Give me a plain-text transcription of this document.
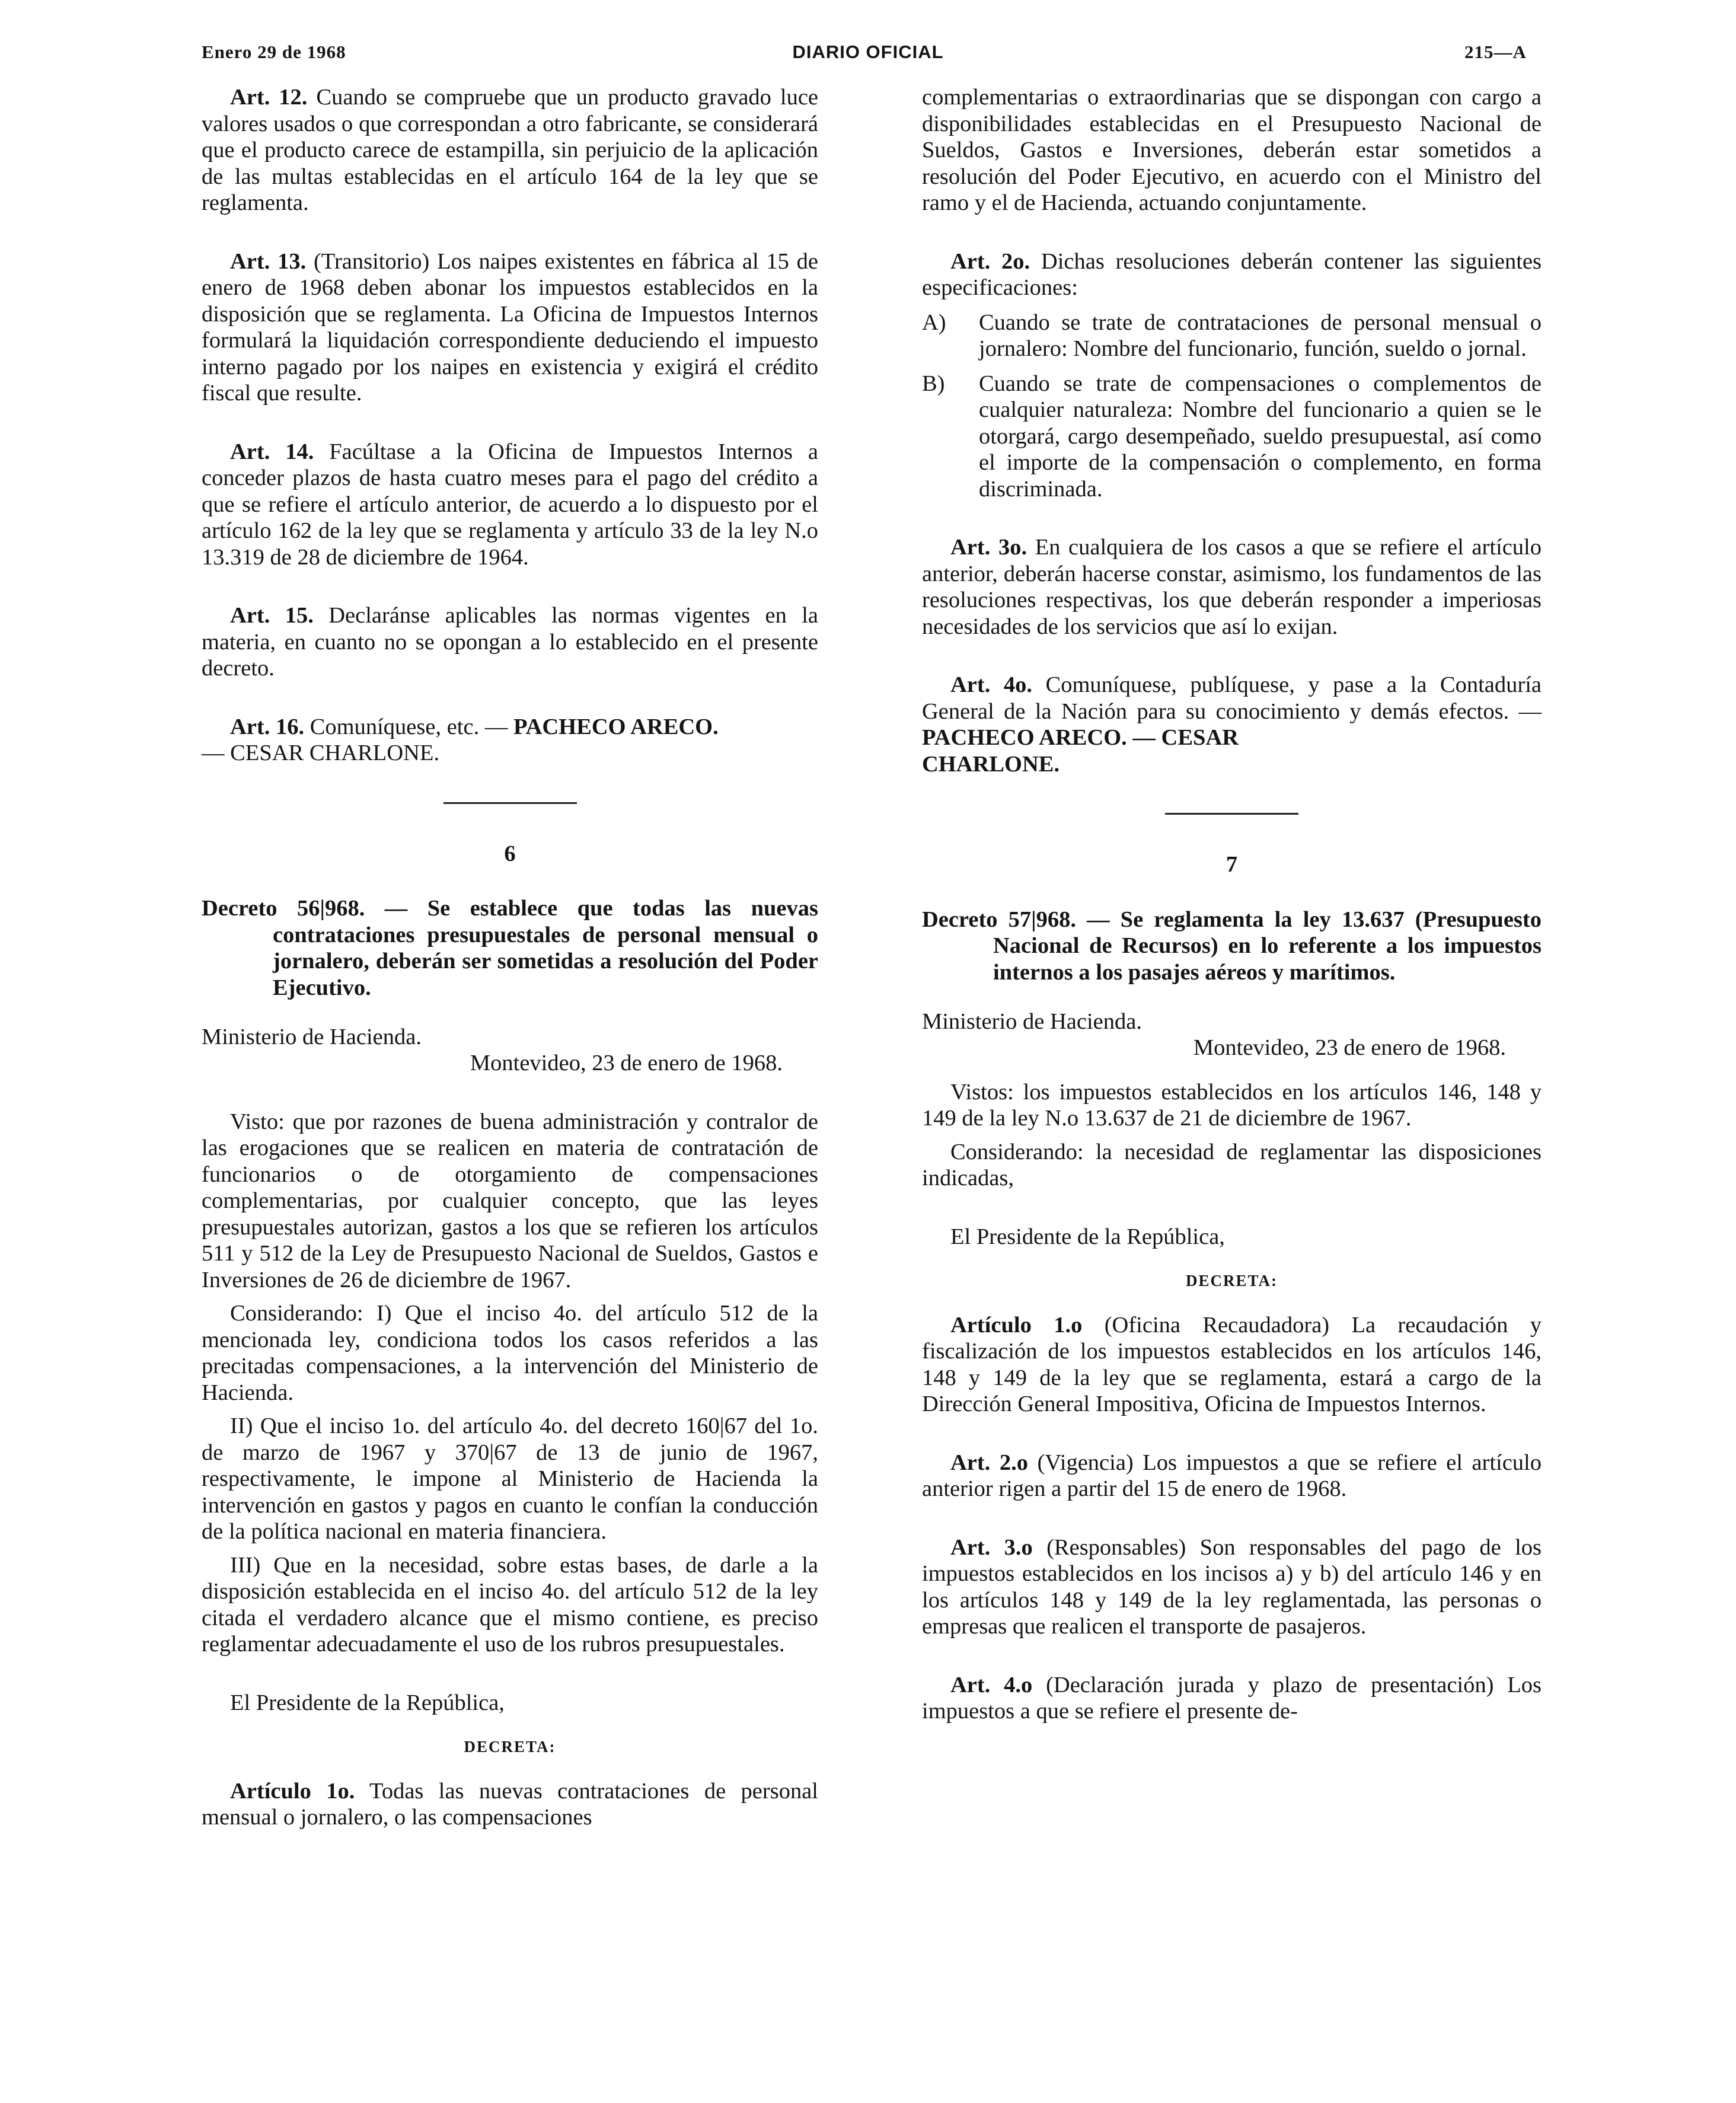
Enero 29 de 1968	DIARIO OFICIAL	215—A

Art. 12. Cuando se compruebe que un producto gravado luce valores usados o que correspondan a otro fabricante, se considerará que el producto carece de estampilla, sin perjuicio de la aplicación de las multas establecidas en el artículo 164 de la ley que se reglamenta.

Art. 13. (Transitorio) Los naipes existentes en fábrica al 15 de enero de 1968 deben abonar los impuestos establecidos en la disposición que se reglamenta. La Oficina de Impuestos Internos formulará la liquidación correspondiente deduciendo el impuesto interno pagado por los naipes en existencia y exigirá el crédito fiscal que resulte.

Art. 14. Facúltase a la Oficina de Impuestos Internos a conceder plazos de hasta cuatro meses para el pago del crédito a que se refiere el artículo anterior, de acuerdo a lo dispuesto por el artículo 162 de la ley que se reglamenta y artículo 33 de la ley N.o 13.319 de 28 de diciembre de 1964.

Art. 15. Declaránse aplicables las normas vigentes en la materia, en cuanto no se opongan a lo establecido en el presente decreto.

Art. 16. Comuníquese, etc. — PACHECO ARECO.
— CESAR CHARLONE.

6

Decreto 56|968. — Se establece que todas las nuevas contrataciones presupuestales de personal mensual o jornalero, deberán ser sometidas a resolución del Poder Ejecutivo.

Ministerio de Hacienda.

Montevideo, 23 de enero de 1968.

Visto: que por razones de buena administración y contralor de las erogaciones que se realicen en materia de contratación de funcionarios o de otorgamiento de compensaciones complementarias, por cualquier concepto, que las leyes presupuestales autorizan, gastos a los que se refieren los artículos 511 y 512 de la Ley de Presupuesto Nacional de Sueldos, Gastos e Inversiones de 26 de diciembre de 1967.

Considerando: I) Que el inciso 4o. del artículo 512 de la mencionada ley, condiciona todos los casos referidos a las precitadas compensaciones, a la intervención del Ministerio de Hacienda.

II) Que el inciso 1o. del artículo 4o. del decreto 160|67 del 1o. de marzo de 1967 y 370|67 de 13 de junio de 1967, respectivamente, le impone al Ministerio de Hacienda la intervención en gastos y pagos en cuanto le confían la conducción de la política nacional en materia financiera.

III) Que en la necesidad, sobre estas bases, de darle a la disposición establecida en el inciso 4o. del artículo 512 de la ley citada el verdadero alcance que el mismo contiene, es preciso reglamentar adecuadamente el uso de los rubros presupuestales.

El Presidente de la República,

DECRETA:

Artículo 1o. Todas las nuevas contrataciones de personal mensual o jornalero, o las compensaciones

complementarias o extraordinarias que se dispongan con cargo a disponibilidades establecidas en el Presupuesto Nacional de Sueldos, Gastos e Inversiones, deberán estar sometidos a resolución del Poder Ejecutivo, en acuerdo con el Ministro del ramo y el de Hacienda, actuando conjuntamente.

Art. 2o. Dichas resoluciones deberán contener las siguientes especificaciones:

A)	Cuando se trate de contrataciones de personal mensual o jornalero: Nombre del funcionario, función, sueldo o jornal.
B)	Cuando se trate de compensaciones o complementos de cualquier naturaleza: Nombre del funcionario a quien se le otorgará, cargo desempeñado, sueldo presupuestal, así como el importe de la compensación o complemento, en forma discriminada.

Art. 3o. En cualquiera de los casos a que se refiere el artículo anterior, deberán hacerse constar, asimismo, los fundamentos de las resoluciones respectivas, los que deberán responder a imperiosas necesidades de los servicios que así lo exijan.

Art. 4o. Comuníquese, publíquese, y pase a la Contaduría General de la Nación para su conocimiento y demás efectos. — PACHECO ARECO. — CESAR
CHARLONE.

7

Decreto 57|968. — Se reglamenta la ley 13.637 (Presupuesto Nacional de Recursos) en lo referente a los impuestos internos a los pasajes aéreos y marítimos.

Ministerio de Hacienda.

Montevideo, 23 de enero de 1968.

Vistos: los impuestos establecidos en los artículos 146, 148 y 149 de la ley N.o 13.637 de 21 de diciembre de 1967.

Considerando: la necesidad de reglamentar las disposiciones indicadas,

El Presidente de la República,

DECRETA:

Artículo 1.o (Oficina Recaudadora) La recaudación y fiscalización de los impuestos establecidos en los artículos 146, 148 y 149 de la ley que se reglamenta, estará a cargo de la Dirección General Impositiva, Oficina de Impuestos Internos.

Art. 2.o (Vigencia) Los impuestos a que se refiere el artículo anterior rigen a partir del 15 de enero de 1968.

Art. 3.o (Responsables) Son responsables del pago de los impuestos establecidos en los incisos a) y b) del artículo 146 y en los artículos 148 y 149 de la ley reglamentada, las personas o empresas que realicen el transporte de pasajeros.

Art. 4.o (Declaración jurada y plazo de presentación) Los impuestos a que se refiere el presente de-
